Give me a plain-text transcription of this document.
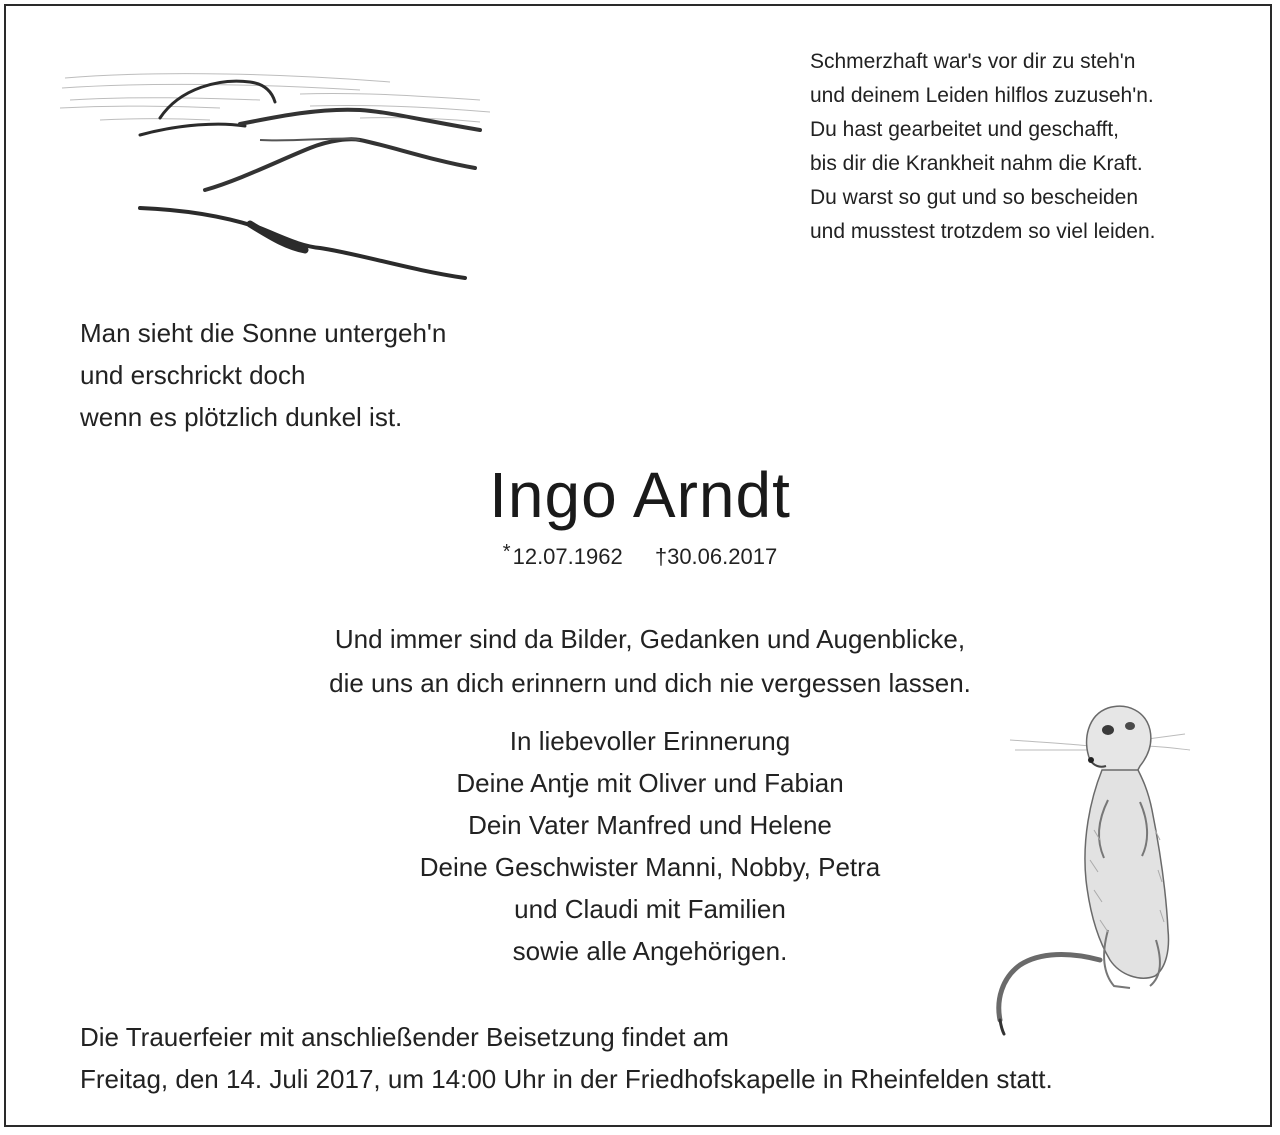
Schmerzhaft war's vor dir zu steh'n
und deinem Leiden hilflos zuzuseh'n.
Du hast gearbeitet und geschafft,
bis dir die Krankheit nahm die Kraft.
Du warst so gut und so bescheiden
und musstest trotzdem so viel leiden.
Man sieht die Sonne untergeh'n
und erschrickt doch
wenn es plötzlich dunkel ist.
Ingo Arndt
*12.07.1962 †30.06.2017
Und immer sind da Bilder, Gedanken und Augenblicke,
die uns an dich erinnern und dich nie vergessen lassen.
In liebevoller Erinnerung
Deine Antje mit Oliver und Fabian
Dein Vater Manfred und Helene
Deine Geschwister Manni, Nobby, Petra
und Claudi mit Familien
sowie alle Angehörigen.
Die Trauerfeier mit anschließender Beisetzung findet am
Freitag, den 14. Juli 2017, um 14:00 Uhr in der Friedhofskapelle in Rheinfelden statt.
